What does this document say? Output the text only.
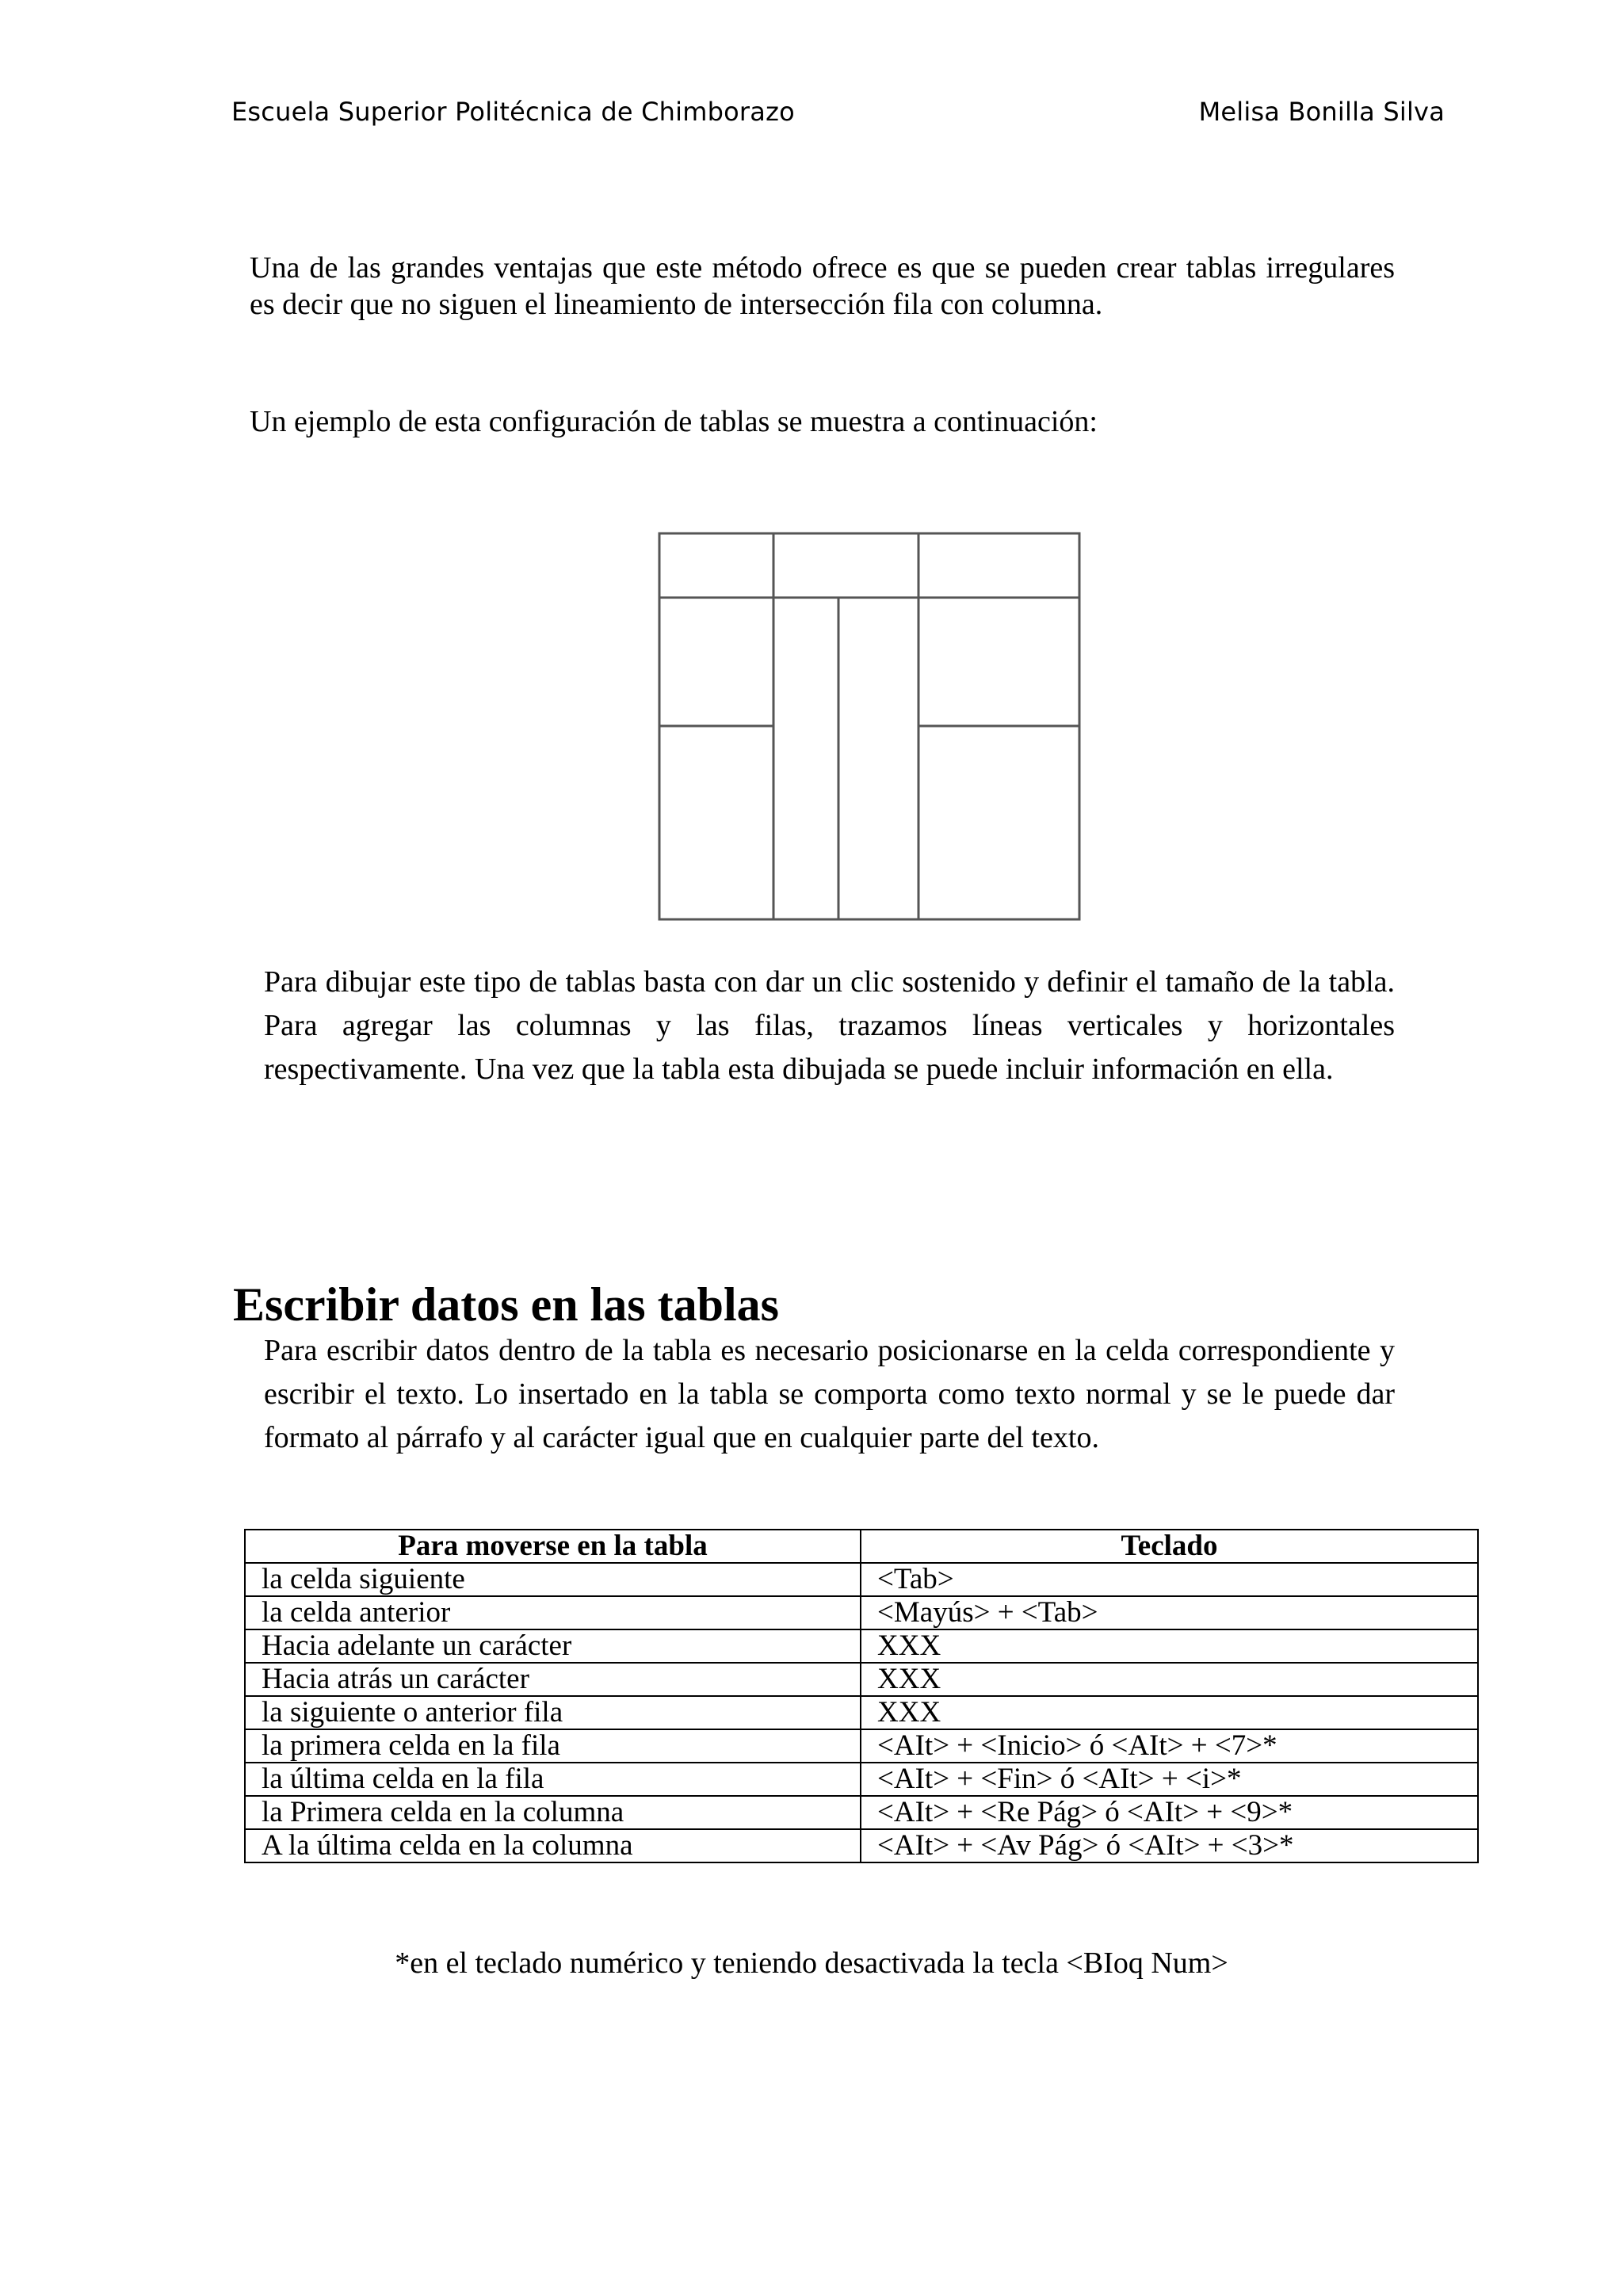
Escuela Superior Politécnica de Chimborazo	Melisa Bonilla Silva
Una de las grandes ventajas que este método ofrece es que se pueden crear tablas irregulares es decir que no siguen el lineamiento de intersección fila con columna.
Un ejemplo de esta configuración de tablas se muestra a continuación:
Para dibujar este tipo de tablas basta con dar un clic sostenido y definir el tamaño de la tabla. Para agregar las columnas y las filas, trazamos líneas verticales y horizontales respectivamente. Una vez que la tabla esta dibujada se puede incluir información en ella.
Escribir datos en las tablas
Para escribir datos dentro de la tabla es necesario posicionarse en la celda correspondiente y escribir el texto. Lo insertado en la tabla se comporta como texto normal y se le puede dar formato al párrafo y al carácter igual que en cualquier parte del texto.
Para moverse en la tabla	Teclado
la celda siguiente	<Tab>
la celda anterior	<Mayús> + <Tab>
Hacia adelante un carácter	XXX
Hacia atrás un carácter	XXX
la siguiente o anterior fila	XXX
la primera celda en la fila	<AIt> + <Inicio> ó <AIt> + <7>*
la última celda en la fila	<AIt> + <Fin> ó <AIt> + <i>*
la Primera celda en la columna	<AIt> + <Re Pág> ó <AIt> + <9>*
A la última celda en la columna	<AIt> + <Av Pág> ó <AIt> + <3>*
*en el teclado numérico y teniendo desactivada la tecla <BIoq Num>
